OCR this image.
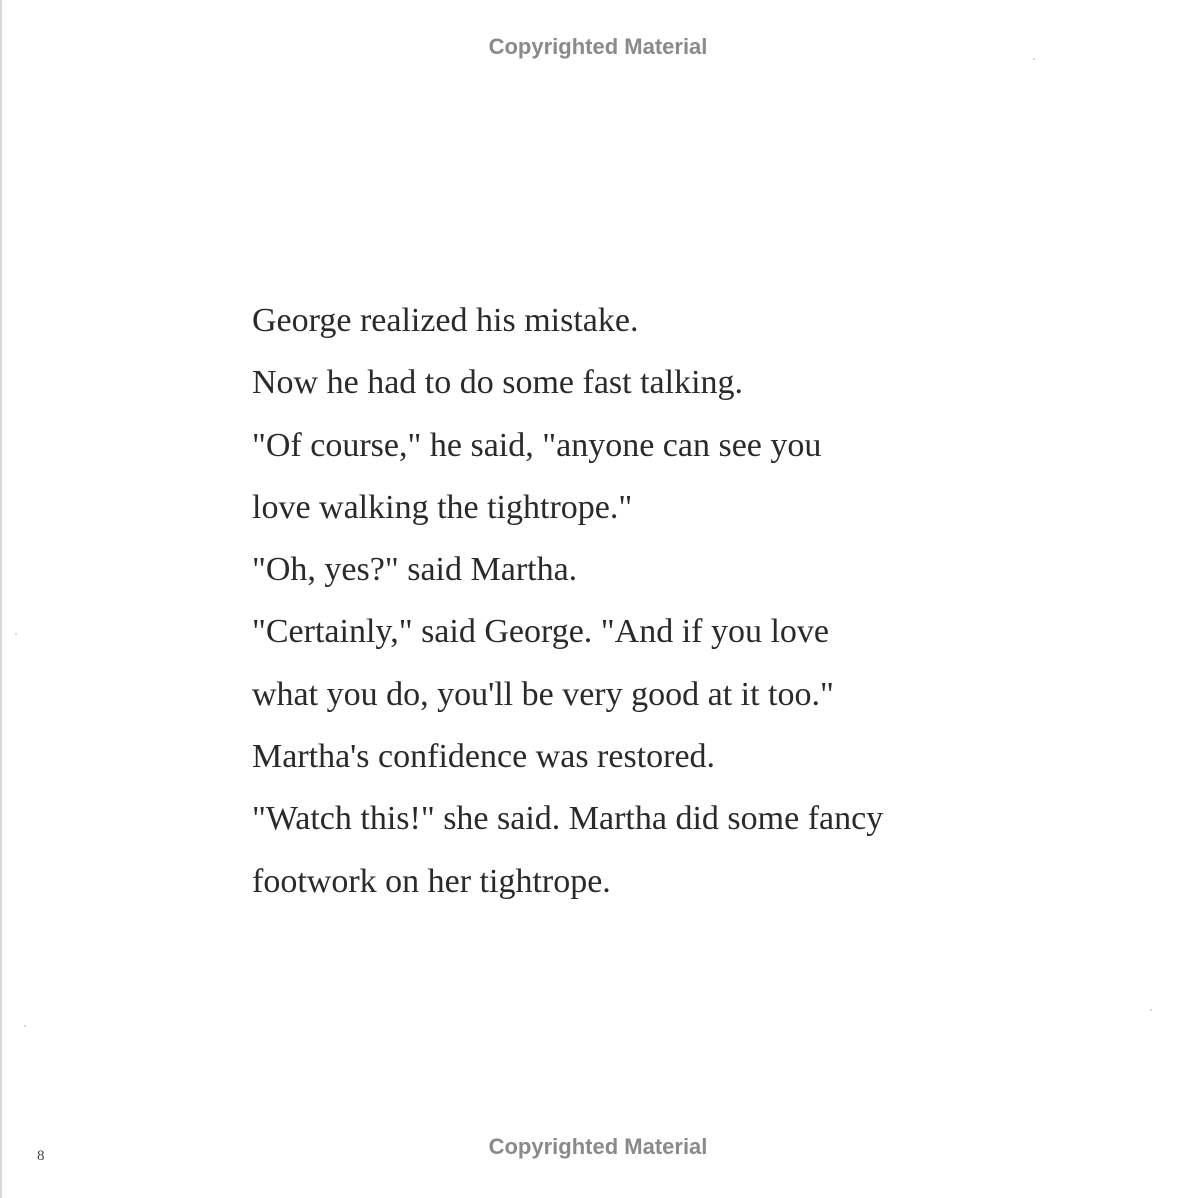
Copyrighted Material
George realized his mistake.
Now he had to do some fast talking.
"Of course," he said, "anyone can see you
love walking the tightrope."
"Oh, yes?" said Martha.
"Certainly," said George. "And if you love
what you do, you'll be very good at it too."
Martha's confidence was restored.
"Watch this!" she said. Martha did some fancy
footwork on her tightrope.
8	Copyrighted Material
